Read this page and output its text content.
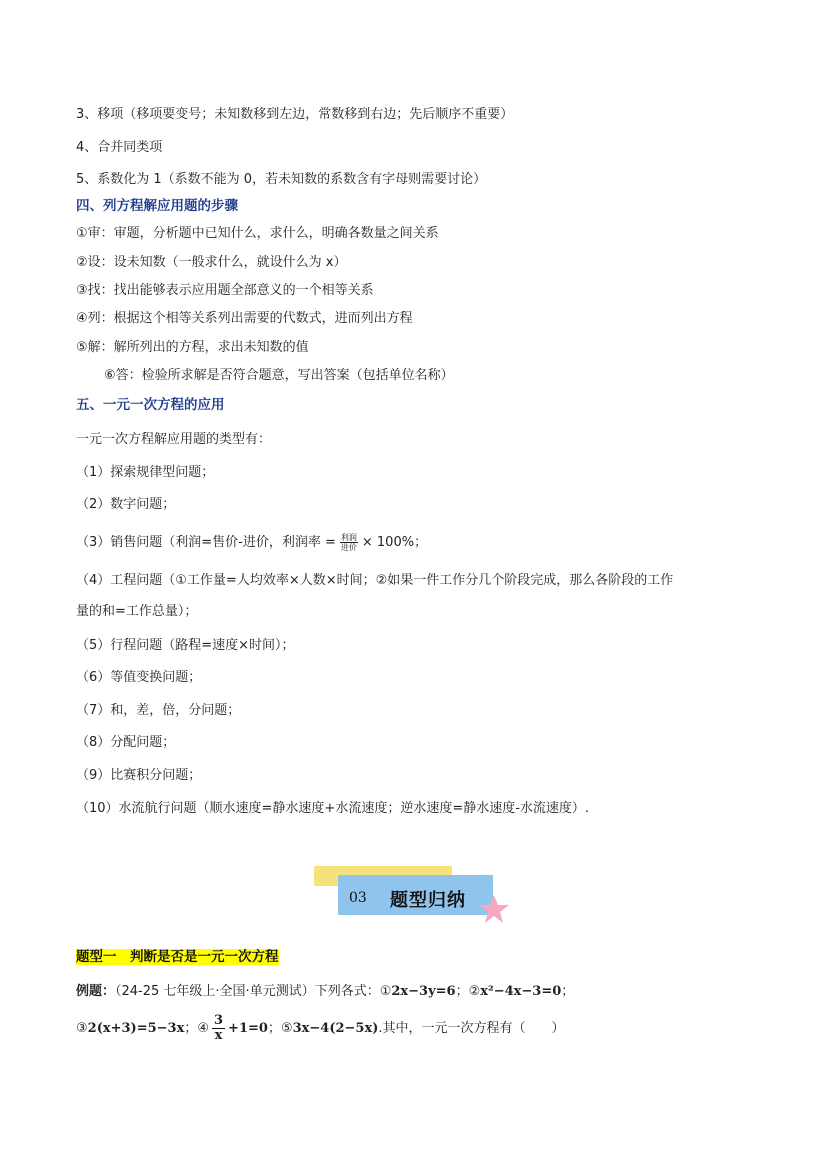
3、移项（移项要变号；未知数移到左边，常数移到右边；先后顺序不重要）
4、合并同类项
5、系数化为 1（系数不能为 0，若未知数的系数含有字母则需要讨论）
四、列方程解应用题的步骤
①审：审题，分析题中已知什么，求什么，明确各数量之间关系
②设：设未知数（一般求什么，就设什么为 x）
③找：找出能够表示应用题全部意义的一个相等关系
④列：根据这个相等关系列出需要的代数式，进而列出方程
⑤解：解所列出的方程，求出未知数的值
⑥答：检验所求解是否符合题意，写出答案（包括单位名称）
五、一元一次方程的应用
一元一次方程解应用题的类型有：
（1）探索规律型问题；
（2）数字问题；
（3）销售问题（利润=售价-进价，利润率 = $\frac{\text{利润}}{\text{进价}} \times 100\%$；
（4）工程问题（①工作量=人均效率×人数×时间；②如果一件工作分几个阶段完成，那么各阶段的工作
量的和=工作总量）；
（5）行程问题（路程=速度×时间）；
（6）等值变换问题；
（7）和，差，倍，分问题；
（8）分配问题；
（9）比赛积分问题；
（10）水流航行问题（顺水速度=静水速度+水流速度；逆水速度=静水速度-水流速度）.
03 题型归纳
题型一　判断是否是一元一次方程
例题：（24-25 七年级上·全国·单元测试）下列各式：①2x−3y=6；②x²−4x−3=0；
③2(x+3)=5−3x；④ $\frac{3}{x} +1=0$；⑤3x−4(2−5x).其中，一元一次方程有（　　）
